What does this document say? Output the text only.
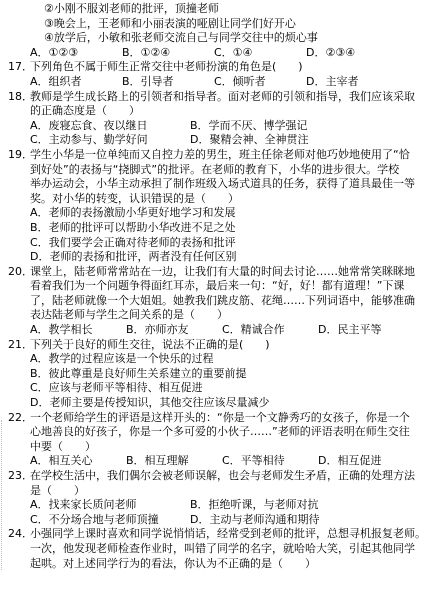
②小刚不服刘老师的批评，顶撞老师
③晚会上，王老师和小丽表演的哑剧让同学们好开心
④放学后，小敏和张老师交流自己与同学交往中的烦心事
A．①②③	B．①②④	C．①④	D．②③④
17．下列角色不属于师生正常交往中老师扮演的角色是(　　)
A．组织者	B．引导者	C．倾听者	D．主宰者
18．教师是学生成长路上的引领者和指导者。面对老师的引领和指导，我们应该采取
的正确态度是（　　）
A．废寝忘食、夜以继日	B．学而不厌、博学强记
C．主动参与、勤学好问	D．聚精会神、全神贯注
19．学生小华是一位单纯而又自控力差的男生，班主任徐老师对他巧妙地使用了“恰
到好处”的表扬与“挠脚式”的批评。在老师的教育下，小华的进步很大。学校
举办运动会，小华主动承担了制作班级入场式道具的任务，获得了道具最佳一等
奖。对小华的转变，认识错误的是（　　）
A．老师的表扬激励小华更好地学习和发展
B．老师的批评可以帮助小华改进不足之处
C．我们要学会正确对待老师的表扬和批评
D．老师的表扬和批评，两者没有任何区别
20．课堂上，陆老师常常站在一边，让我们有大量的时间去讨论……她常常笑眯眯地
看着我们为一个问题争得面红耳赤，最后来一句：“好，好！都有道理！”下课
了，陆老师就像一个大姐姐。她教我们跳皮筋、花绳……下列词语中，能够准确
表达陆老师与学生之间关系的是（　　）
A．教学相长	B．亦师亦友	C．精诚合作	D．民主平等
21．下列关于良好的师生交往，说法不正确的是(　　)
A．教学的过程应该是一个快乐的过程
B．彼此尊重是良好师生关系建立的重要前提
C．应该与老师平等相待、相互促进
D．老师主要是传授知识，其他交往应该尽量减少
22．一个老师给学生的评语是这样开头的：“你是一个文静秀巧的女孩子，你是一个
心地善良的好孩子，你是一个多可爱的小伙子……”老师的评语表明在师生交往
中要（　　）
A．相互关心	B．相互理解	C．平等相待	D．相互促进
23．在学校生活中，我们偶尔会被老师误解，也会与老师发生矛盾，正确的处理方法
是（　　）
A．找来家长质问老师	B．拒绝听课，与老师对抗
C．不分场合地与老师顶撞	D．主动与老师沟通和期待
24．小强同学上课时喜欢和同学说悄悄话，经常受到老师的批评，总想寻机报复老师。
一次，他发现老师检查作业时，叫错了同学的名字，就哈哈大笑，引起其他同学
起哄。对上述同学行为的看法，你认为不正确的是（　　）
